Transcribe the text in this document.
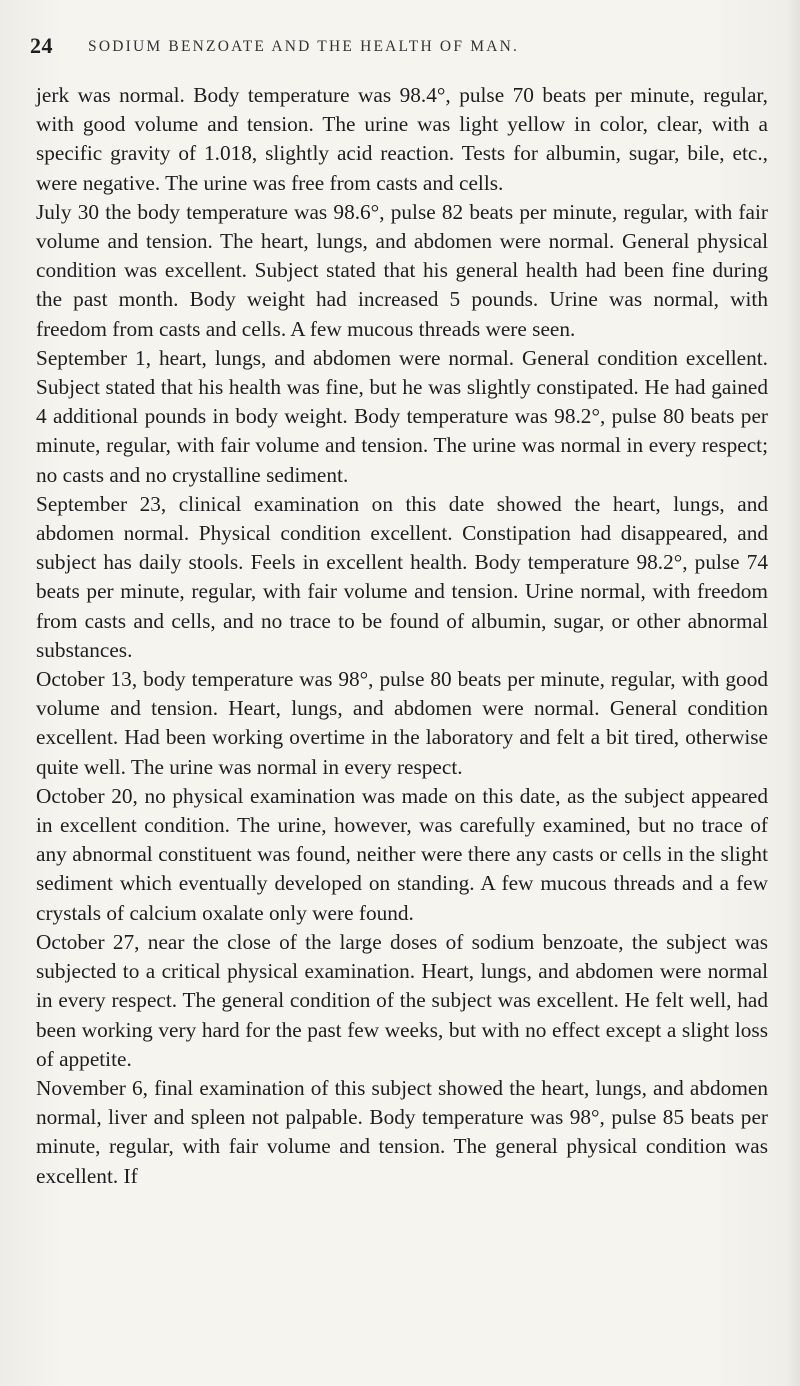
24 SODIUM BENZOATE AND THE HEALTH OF MAN.

jerk was normal. Body temperature was 98.4°, pulse 70 beats per minute, regular, with good volume and tension. The urine was light yellow in color, clear, with a specific gravity of 1.018, slightly acid reaction. Tests for albumin, sugar, bile, etc., were negative. The urine was free from casts and cells.

July 30 the body temperature was 98.6°, pulse 82 beats per minute, regular, with fair volume and tension. The heart, lungs, and abdomen were normal. General physical condition was excellent. Subject stated that his general health had been fine during the past month. Body weight had increased 5 pounds. Urine was normal, with freedom from casts and cells. A few mucous threads were seen.

September 1, heart, lungs, and abdomen were normal. General condition excellent. Subject stated that his health was fine, but he was slightly constipated. He had gained 4 additional pounds in body weight. Body temperature was 98.2°, pulse 80 beats per minute, regular, with fair volume and tension. The urine was normal in every respect; no casts and no crystalline sediment.

September 23, clinical examination on this date showed the heart, lungs, and abdomen normal. Physical condition excellent. Constipation had disappeared, and subject has daily stools. Feels in excellent health. Body temperature 98.2°, pulse 74 beats per minute, regular, with fair volume and tension. Urine normal, with freedom from casts and cells, and no trace to be found of albumin, sugar, or other abnormal substances.

October 13, body temperature was 98°, pulse 80 beats per minute, regular, with good volume and tension. Heart, lungs, and abdomen were normal. General condition excellent. Had been working overtime in the laboratory and felt a bit tired, otherwise quite well. The urine was normal in every respect.

October 20, no physical examination was made on this date, as the subject appeared in excellent condition. The urine, however, was carefully examined, but no trace of any abnormal constituent was found, neither were there any casts or cells in the slight sediment which eventually developed on standing. A few mucous threads and a few crystals of calcium oxalate only were found.

October 27, near the close of the large doses of sodium benzoate, the subject was subjected to a critical physical examination. Heart, lungs, and abdomen were normal in every respect. The general condition of the subject was excellent. He felt well, had been working very hard for the past few weeks, but with no effect except a slight loss of appetite.

November 6, final examination of this subject showed the heart, lungs, and abdomen normal, liver and spleen not palpable. Body temperature was 98°, pulse 85 beats per minute, regular, with fair volume and tension. The general physical condition was excellent. If
